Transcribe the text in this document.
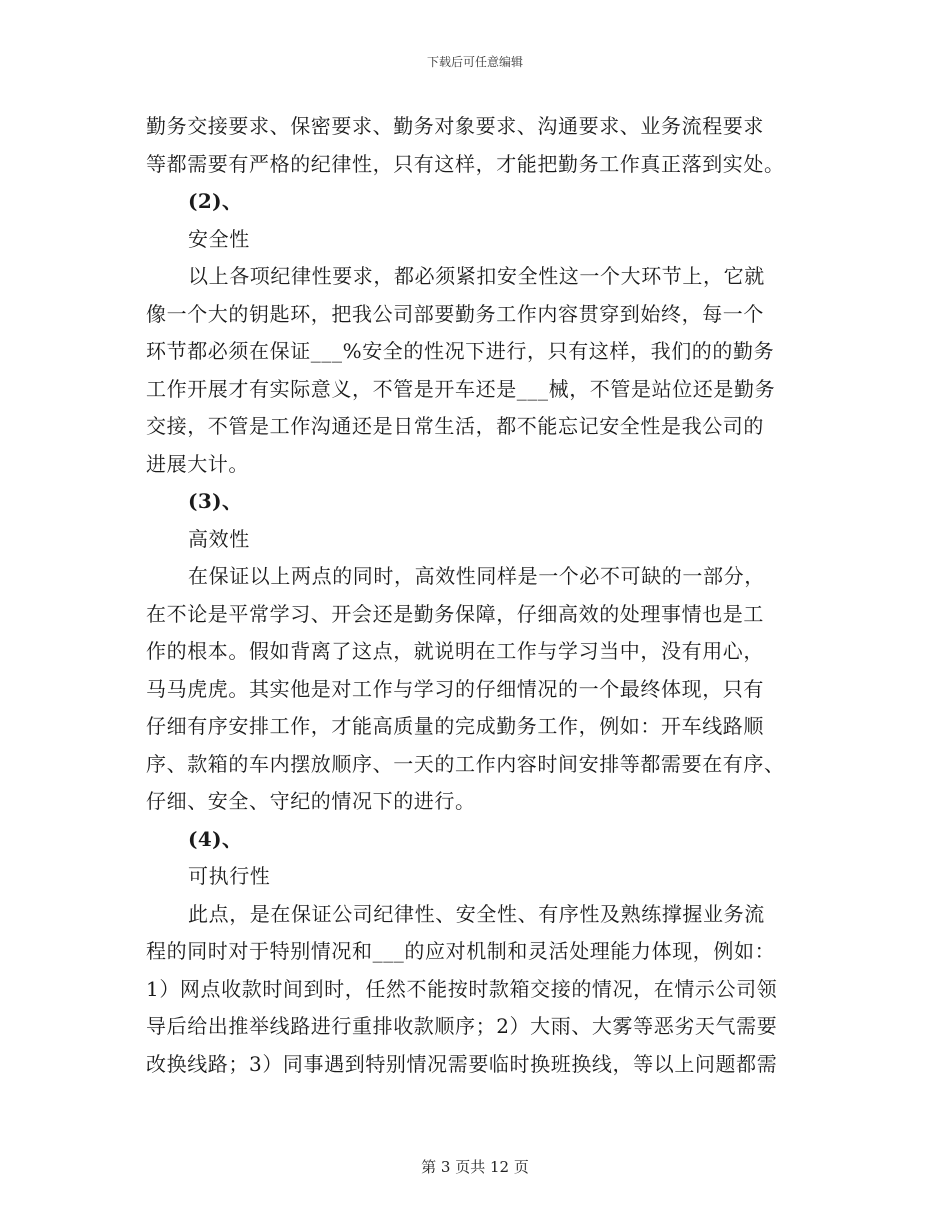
下载后可任意编辑
勤务交接要求、保密要求、勤务对象要求、沟通要求、业务流程要求
等都需要有严格的纪律性，只有这样，才能把勤务工作真正落到实处。
(2)、
安全性
以上各项纪律性要求，都必须紧扣安全性这一个大环节上，它就
像一个大的钥匙环，把我公司部要勤务工作内容贯穿到始终，每一个
环节都必须在保证___%安全的性况下进行，只有这样，我们的的勤务
工作开展才有实际意义，不管是开车还是___械，不管是站位还是勤务
交接，不管是工作沟通还是日常生活，都不能忘记安全性是我公司的
进展大计。
(3)、
高效性
在保证以上两点的同时，高效性同样是一个必不可缺的一部分，
在不论是平常学习、开会还是勤务保障，仔细高效的处理事情也是工
作的根本。假如背离了这点，就说明在工作与学习当中，没有用心，
马马虎虎。其实他是对工作与学习的仔细情况的一个最终体现，只有
仔细有序安排工作，才能高质量的完成勤务工作，例如：开车线路顺
序、款箱的车内摆放顺序、一天的工作内容时间安排等都需要在有序、
仔细、安全、守纪的情况下的进行。
(4)、
可执行性
此点，是在保证公司纪律性、安全性、有序性及熟练撑握业务流
程的同时对于特别情况和___的应对机制和灵活处理能力体现，例如：
1）网点收款时间到时，任然不能按时款箱交接的情况，在情示公司领
导后给出推举线路进行重排收款顺序；2）大雨、大雾等恶劣天气需要
改换线路；3）同事遇到特别情况需要临时换班换线，等以上问题都需
第 3 页共 12 页
